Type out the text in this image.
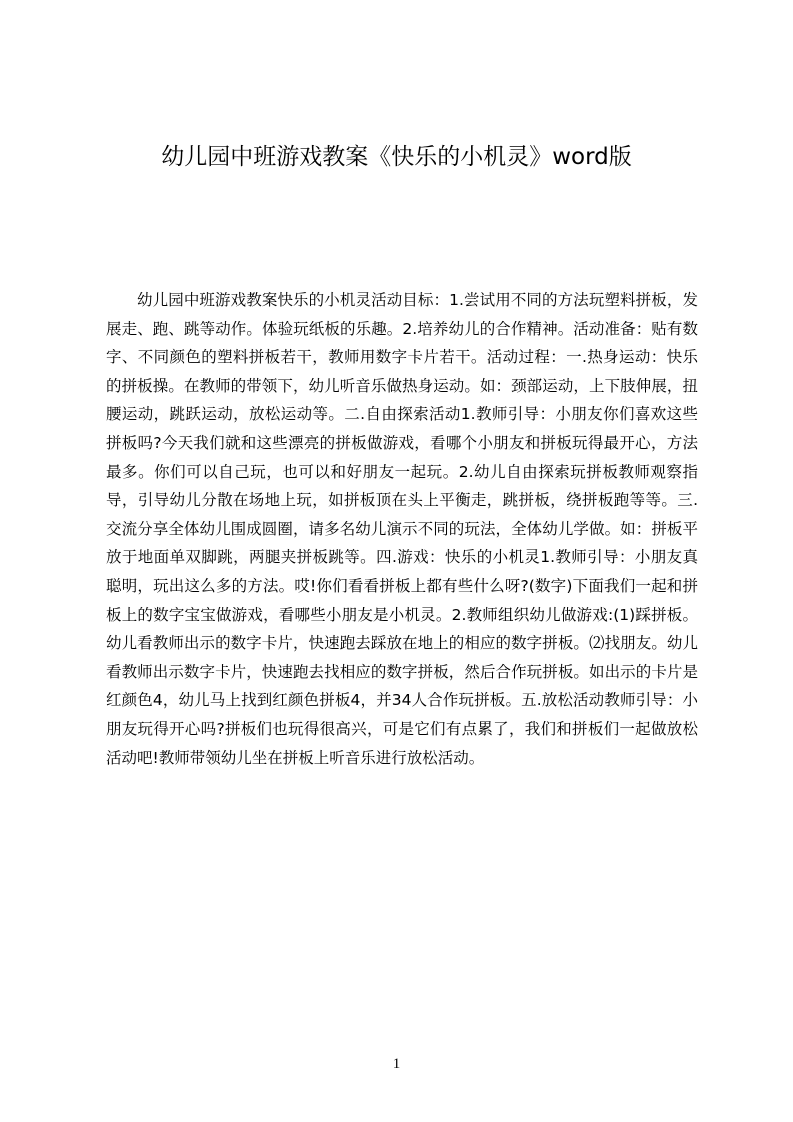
幼儿园中班游戏教案《快乐的小机灵》word版

幼儿园中班游戏教案快乐的小机灵活动目标：1.尝试用不同的方法玩塑料拼板，发展走、跑、跳等动作。体验玩纸板的乐趣。2.培养幼儿的合作精神。活动准备：贴有数字、不同颜色的塑料拼板若干，教师用数字卡片若干。活动过程：一.热身运动：快乐的拼板操。在教师的带领下，幼儿听音乐做热身运动。如：颈部运动，上下肢伸展，扭腰运动，跳跃运动，放松运动等。二.自由探索活动1.教师引导：小朋友你们喜欢这些拼板吗?今天我们就和这些漂亮的拼板做游戏，看哪个小朋友和拼板玩得最开心，方法最多。你们可以自己玩，也可以和好朋友一起玩。2.幼儿自由探索玩拼板教师观察指导，引导幼儿分散在场地上玩，如拼板顶在头上平衡走，跳拼板，绕拼板跑等等。三.交流分享全体幼儿围成圆圈，请多名幼儿演示不同的玩法，全体幼儿学做。如：拼板平放于地面单双脚跳，两腿夹拼板跳等。四.游戏：快乐的小机灵1.教师引导：小朋友真聪明，玩出这么多的方法。哎!你们看看拼板上都有些什么呀?(数字)下面我们一起和拼板上的数字宝宝做游戏，看哪些小朋友是小机灵。2.教师组织幼儿做游戏:(1)踩拼板。幼儿看教师出示的数字卡片，快速跑去踩放在地上的相应的数字拼板。⑵找朋友。幼儿看教师出示数字卡片，快速跑去找相应的数字拼板，然后合作玩拼板。如出示的卡片是红颜色4，幼儿马上找到红颜色拼板4，并34人合作玩拼板。五.放松活动教师引导：小朋友玩得开心吗?拼板们也玩得很高兴，可是它们有点累了，我们和拼板们一起做放松活动吧!教师带领幼儿坐在拼板上听音乐进行放松活动。

1
